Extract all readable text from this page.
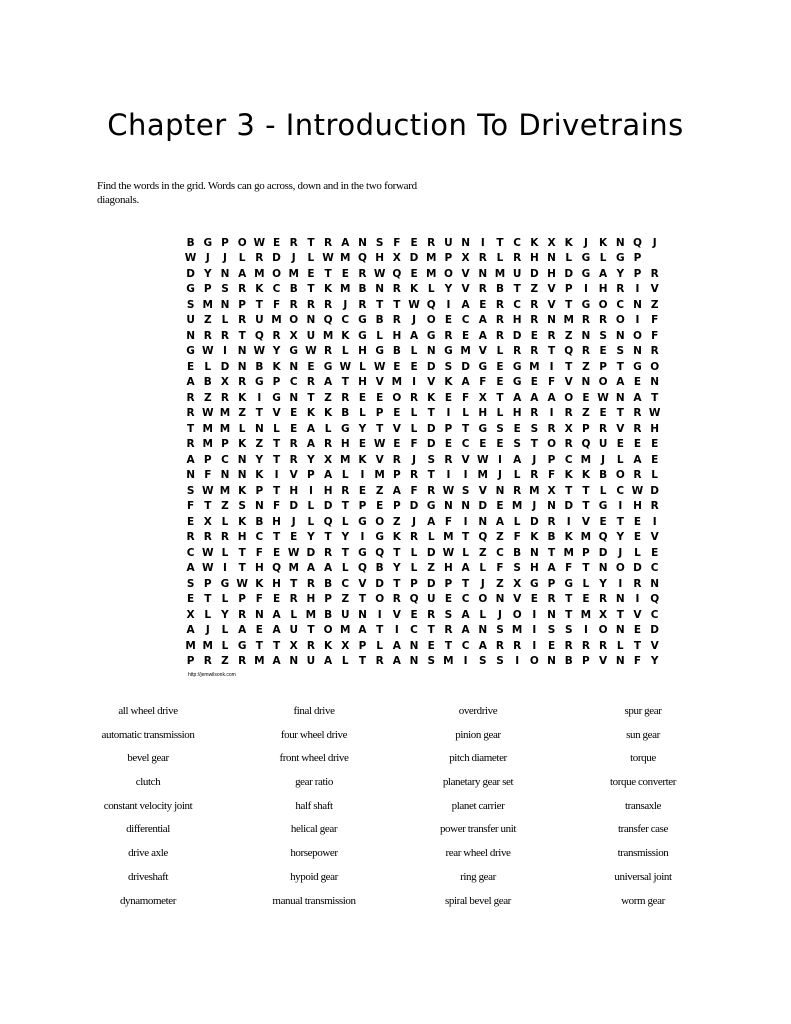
Chapter 3 - Introduction To Drivetrains
Find the words in the grid. Words can go across, down and in the two forward diagonals.
B G P O W E R T R A N S F E R U N	I	T C K X K	J	K N Q	J
W J	J	L R D	J	L W M Q H X D M P X R L R H N L G L G P
D Y N A M O M E T E R W Q E M O V N M U D H D G A Y P R
G P S R K C B T K M B N R K L Y V R B T Z V P	I	H R	I	V
S M N P T F R R R	J	R T T W Q	I	A E R C R V T G O C N Z
U Z L R U M O N Q C G B R	J	O E C A R H R N M R R O	I	F
N R R T Q R X U M K G L H A G R E A R D E R Z N S N O F
G W I	N W Y G W R L H G B L N G M V L R R T Q R E S N R
E L D N B K N E G W L W E E D S D G E G M I	T Z P T G O
A B X R G P C R A T H V M I	V K A F E G E F V N O A E N
R Z R K	I	G N T Z R E E O R K E F X T A A A O E W N A T
R W M Z T V E K K B L P E L T	I	L H L H R	I	R Z E T R W
T M M L N L E A L G Y T V L D P T G S E S R X P R V R H
R M P K Z T R A R H E W E F D E C E E S T O R Q U E E E
A P C N Y T R Y X M K V R	J	S R V W I	A	J	P C M J	L A E
N F N N K	I	V P A L	I M P R T	I	I M J	L R F K K B O R L
S W M K P T H	I	H R E Z A F R W S V N R M X T T L C W D
F T Z S N F D L D T P E P D G N N D E M J	N D T G	I	H R
E X L K B H	J	L Q L G O Z	J	A F	I	N A L D R	I	V E T E	I
R R R H C T E Y T Y	I	G K R L M T Q Z F K B K M Q Y E V
C W L T F E W D R T G Q T L D W L Z C B N T M P D	J	L E
A W I	T H Q M A A L Q B Y L Z H A L F S H A F T N O D C
S P G W K H T R B C V D T P D P T	J	Z X G P G L Y	I	R N
E T L P F E R H P Z T O R Q U E C O N V E R T E R N	I	Q
X L Y R N A L M B U N	I	V E R S A L	J	O	I	N T M X T V C
A	J	L A E A U T O M A T	I	C T R A N S M I	S S	I	O N E D
M M L G T T X R K X P L A N E T C A R R	I	E R R R L T V
P R Z R M A N U A L T R A N S M I	S S	I	O N B P V N F Y
http://jemwilsonk.com
all wheel drive
automatic transmission
bevel gear
clutch
constant velocity joint
differential
drive axle
driveshaft
dynamometer
final drive
four wheel drive
front wheel drive
gear ratio
half shaft
helical gear
horsepower
hypoid gear
manual transmission
overdrive
pinion gear
pitch diameter
planetary gear set
planet carrier
power transfer unit
rear wheel drive
ring gear
spiral bevel gear
spur gear
sun gear
torque
torque converter
transaxle
transfer case
transmission
universal joint
worm gear
